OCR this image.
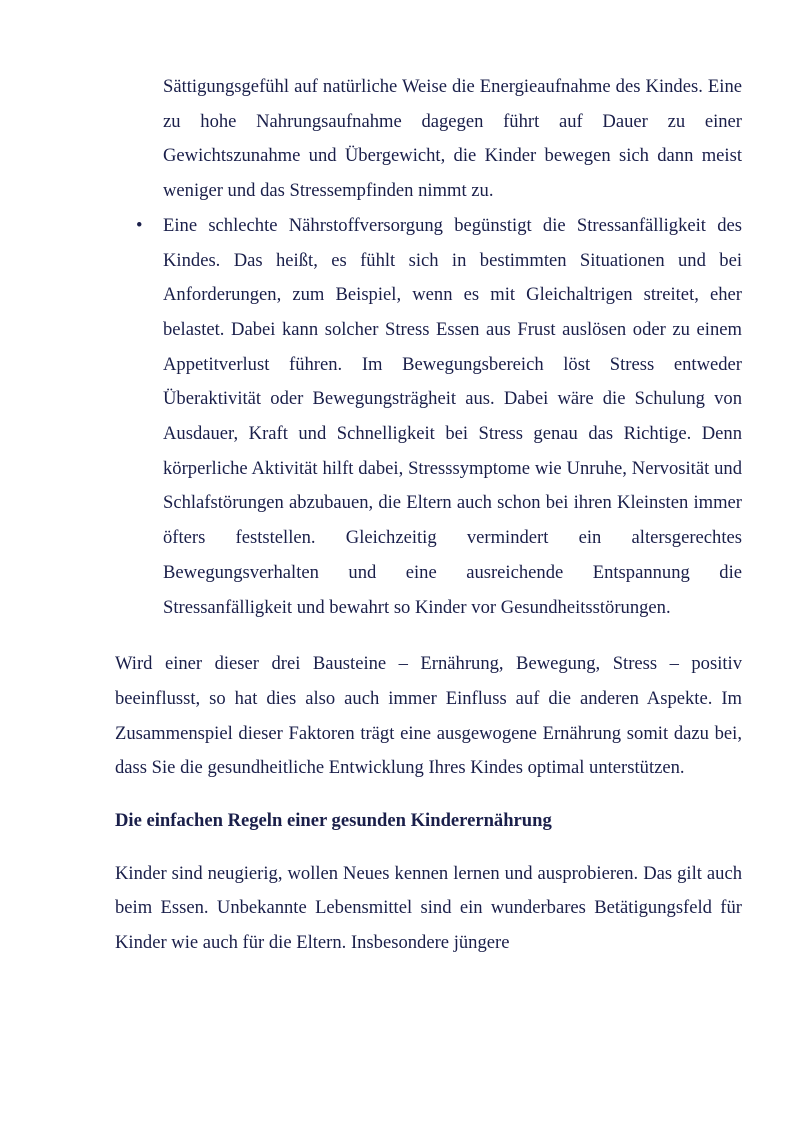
Sättigungsgefühl auf natürliche Weise die Energieaufnahme des Kindes. Eine zu hohe Nahrungsaufnahme dagegen führt auf Dauer zu einer Gewichtszunahme und Übergewicht, die Kinder bewegen sich dann meist weniger und das Stressempfinden nimmt zu.

• Eine schlechte Nährstoffversorgung begünstigt die Stressanfälligkeit des Kindes. Das heißt, es fühlt sich in bestimmten Situationen und bei Anforderungen, zum Beispiel, wenn es mit Gleichaltrigen streitet, eher belastet. Dabei kann solcher Stress Essen aus Frust auslösen oder zu einem Appetitverlust führen. Im Bewegungsbereich löst Stress entweder Überaktivität oder Bewegungsträgheit aus. Dabei wäre die Schulung von Ausdauer, Kraft und Schnelligkeit bei Stress genau das Richtige. Denn körperliche Aktivität hilft dabei, Stresssymptome wie Unruhe, Nervosität und Schlafstörungen abzubauen, die Eltern auch schon bei ihren Kleinsten immer öfters feststellen. Gleichzeitig vermindert ein altersgerechtes Bewegungsverhalten und eine ausreichende Entspannung die Stressanfälligkeit und bewahrt so Kinder vor Gesundheitsstörungen.

Wird einer dieser drei Bausteine – Ernährung, Bewegung, Stress – positiv beeinflusst, so hat dies also auch immer Einfluss auf die anderen Aspekte. Im Zusammenspiel dieser Faktoren trägt eine ausgewogene Ernährung somit dazu bei, dass Sie die gesundheitliche Entwicklung Ihres Kindes optimal unterstützen.

Die einfachen Regeln einer gesunden Kinderernährung

Kinder sind neugierig, wollen Neues kennen lernen und ausprobieren. Das gilt auch beim Essen. Unbekannte Lebensmittel sind ein wunderbares Betätigungsfeld für Kinder wie auch für die Eltern. Insbesondere jüngere
